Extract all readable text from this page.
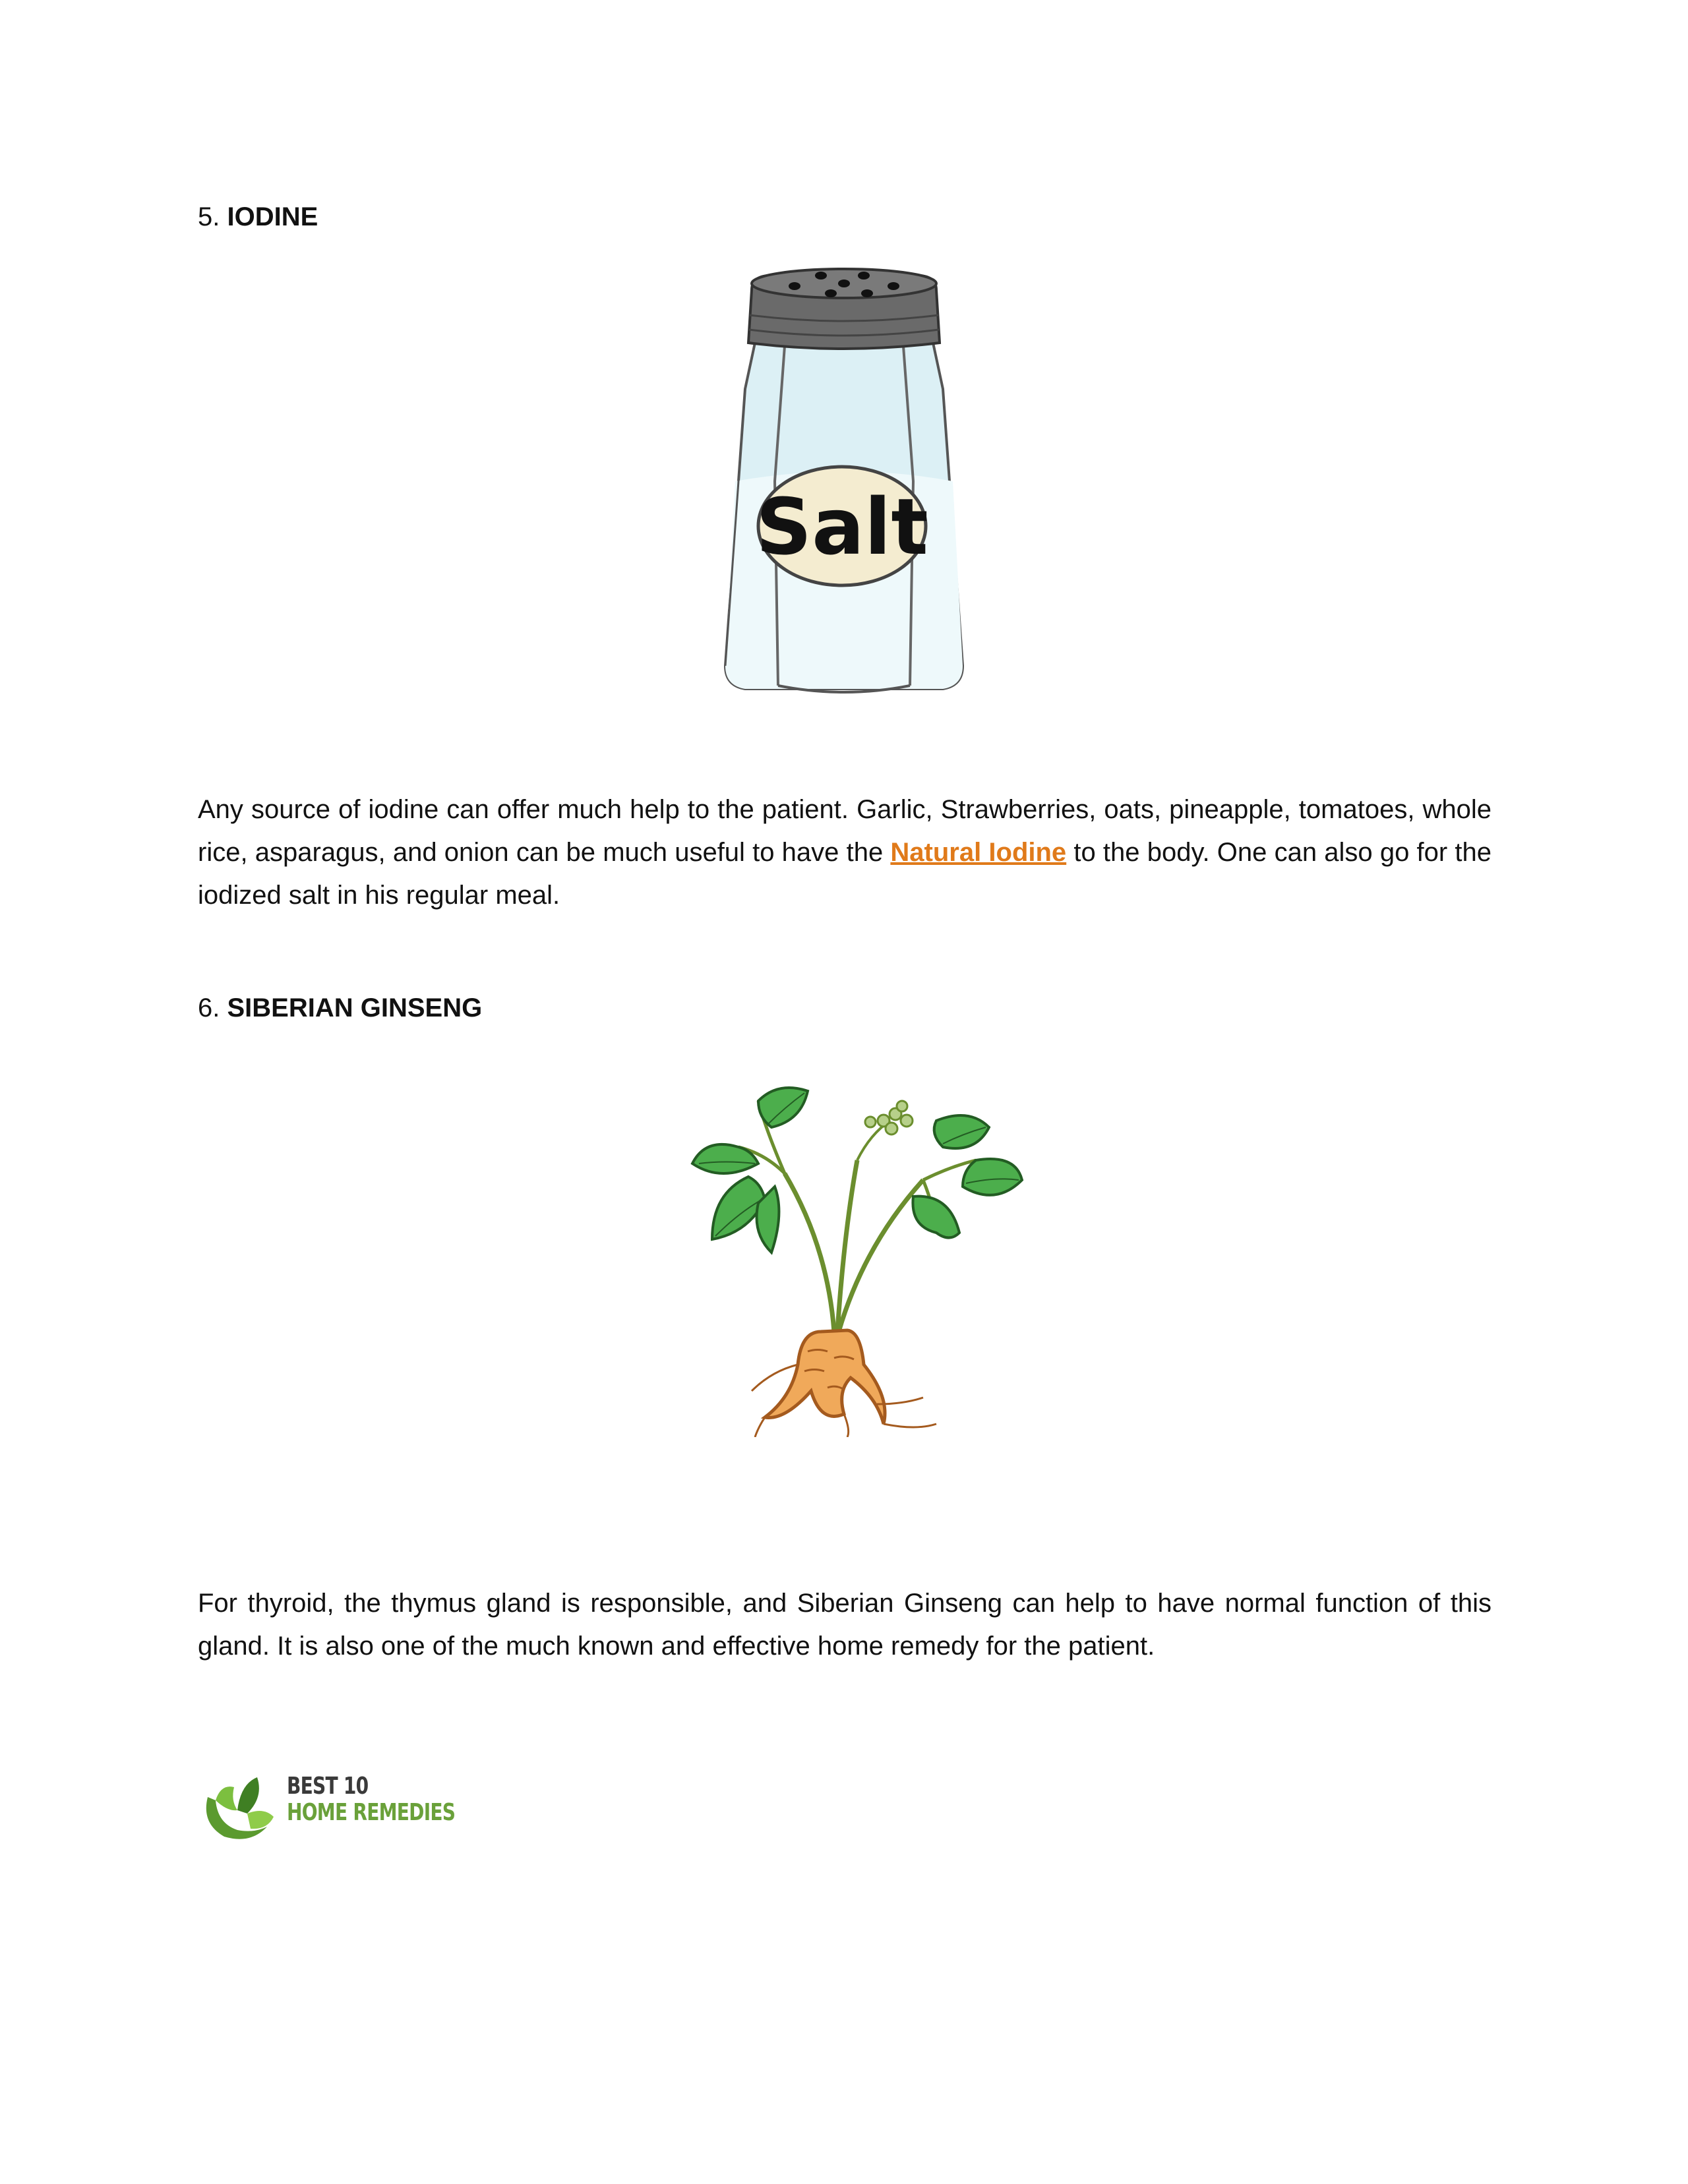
5. IODINE
Salt

Any source of iodine can offer much help to the patient. Garlic, Strawberries, oats, pineapple, tomatoes, whole rice, asparagus, and onion can be much useful to have the Natural Iodine to the body. One can also go for the iodized salt in his regular meal.

6. SIBERIAN GINSENG

For thyroid, the thymus gland is responsible, and Siberian Ginseng can help to have normal function of this gland. It is also one of the much known and effective home remedy for the patient.

BEST 10
HOME REMEDIES
